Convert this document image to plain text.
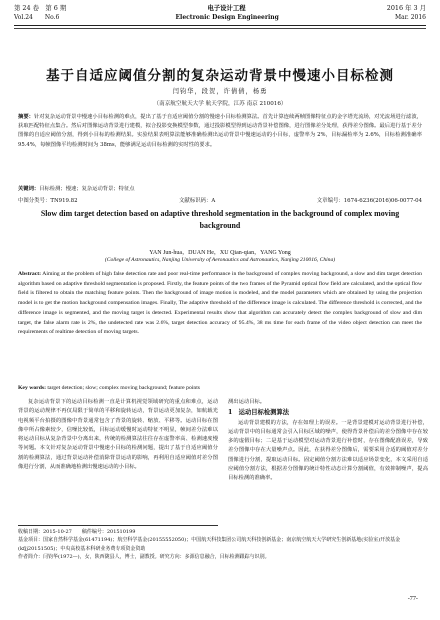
第 24 卷　第 6 期	电子设计工程	2016 年 3 月
Vol.24　　No.6	Electronic Design Engineering	Mar. 2016
基于自适应阈值分割的复杂运动背景中慢速小目标检测
闫钧华，段贺，许倩倩，杨勇
（南京航空航天大学 航天学院，江苏 南京 210016）
摘要：针对复杂运动背景中慢速小目标检测的难点，提出了基于自适应阈值分割的慢速小目标检测算法。首先计算连续两帧图像特征点的金字塔光流场，对光流场进行滤波，获取匹配特征点集合。然后对图像运动背景进行建模，拟合投影变换模型参数，通过投影模型得到运动背景补偿图像，进行图像差分处理，获得差分图像。最后进行基于差分图像的自适应阈值分割，得到小目标的检测结果。实验结果表明算法能够准确检测出运动背景中慢速运动的小目标，虚警率为 2%，目标漏检率为 2.6%，目标检测准确率 95.4%，每帧图像平均检测时间为 38ms，能够满足运动目标检测的实时性的要求。
关键词：目标检测；慢速；复杂运动背景；特征点
中图分类号：TN919.82	文献标识码：A	文章编号：1674-6236(2016)06-0077-04
Slow dim target detection based on adaptive threshold segmentation in the background of complex moving background
YAN Jun-hua，DUAN He，XU Qian-qian，YANG Yong
(College of Astronautics, Nanjing University of Aeronautics and Astronautics, Nanjing 210016, China)
Abstract: Aiming at the problem of high false detection rate and poor real-time performance in the background of complex moving background, a slow and dim target detection algorithm based on adaptive threshold segmentation is proposed. Firstly, the feature points of the two frames of the Pyramid optical flow field are calculated, and the optical flow field is filtered to obtain the matching feature points. Then the background of image motion is modeled, and the model parameters which are obtained by using the projection model is to get the motion background compensation images. Finally, The adaptive threshold of the difference image is calculated. The difference threshold is corrected, and the difference image is segmented, and the moving target is detected. Experimental results show that algorithm can accurately detect the complex background of slow and dim target, the false alarm rate is 2%, the undetected rate was 2.6%, target detection accuracy of 95.4%, 38 ms time for each frame of the video object detection can meet the requirements of realtime detection of moving targets.
Key words: target detection; slow; complex moving background; feature points

复杂运动背景下的运动目标检测一直是计算机视觉领域研究的重点和难点，运动背景的运动规律不再仅局限于简单的平移和旋转运动，背景运动更加复杂，如航载光电视频平台拍摄的图像中背景通常包含了背景的旋转、缩放、平移等。运动目标在图像中所占像素较少，信噪比较低，目标运动缓慢时运动特征不明显，帧间差分法难以将运动目标从复杂背景中分离出来，传统的检测算法往往存在虚警率高、检测速度慢等问题。本文针对复杂运动背景中慢速小目标的检测问题，提出了基于自适应阈值分割的检测算法，通过背景运动补偿消除背景运动的影响，再利用自适应阈值对差分图像进行分割，从而准确地检测出慢速运动的小目标。

测出运动目标。
1　运动目标检测算法

运动背景建模的方法，存在如理上的误差。一是背景建模对运动背景进行补偿，运动背景中的目标通常会引入目标区域的噪声，使得背景补偿后的差分图像中存在较多的虚假目标；二是基于运动模型对运动背景进行补偿时，存在图像配准误差，导致差分图像中存在大量噪声点。因此，在获得差分图像后，需要采用合适的阈值对差分图像进行分割，提取运动目标。固定阈值分割方法难以适应场景变化，本文采用自适应阈值分割方法，根据差分图像的统计特性动态计算分割阈值，有效抑制噪声，提高目标检测的准确率。

收稿日期：2015-10-27　　稿件编号：201510199
基金项目：国家自然科学基金(61471194)；航空科学基金(20155552050)；中国航天科技集团公司航天科技创新基金；南京航空航天大学研究生创新基地(实验室)开放基金(kfjj20151505)；中央高校基本科研业务费专项资金资助
作者简介：闫钧华(1972—)，女，陕西陇县人，博士，副教授。研究方向：多源信息融合，目标检测跟踪与识别。
-77-
